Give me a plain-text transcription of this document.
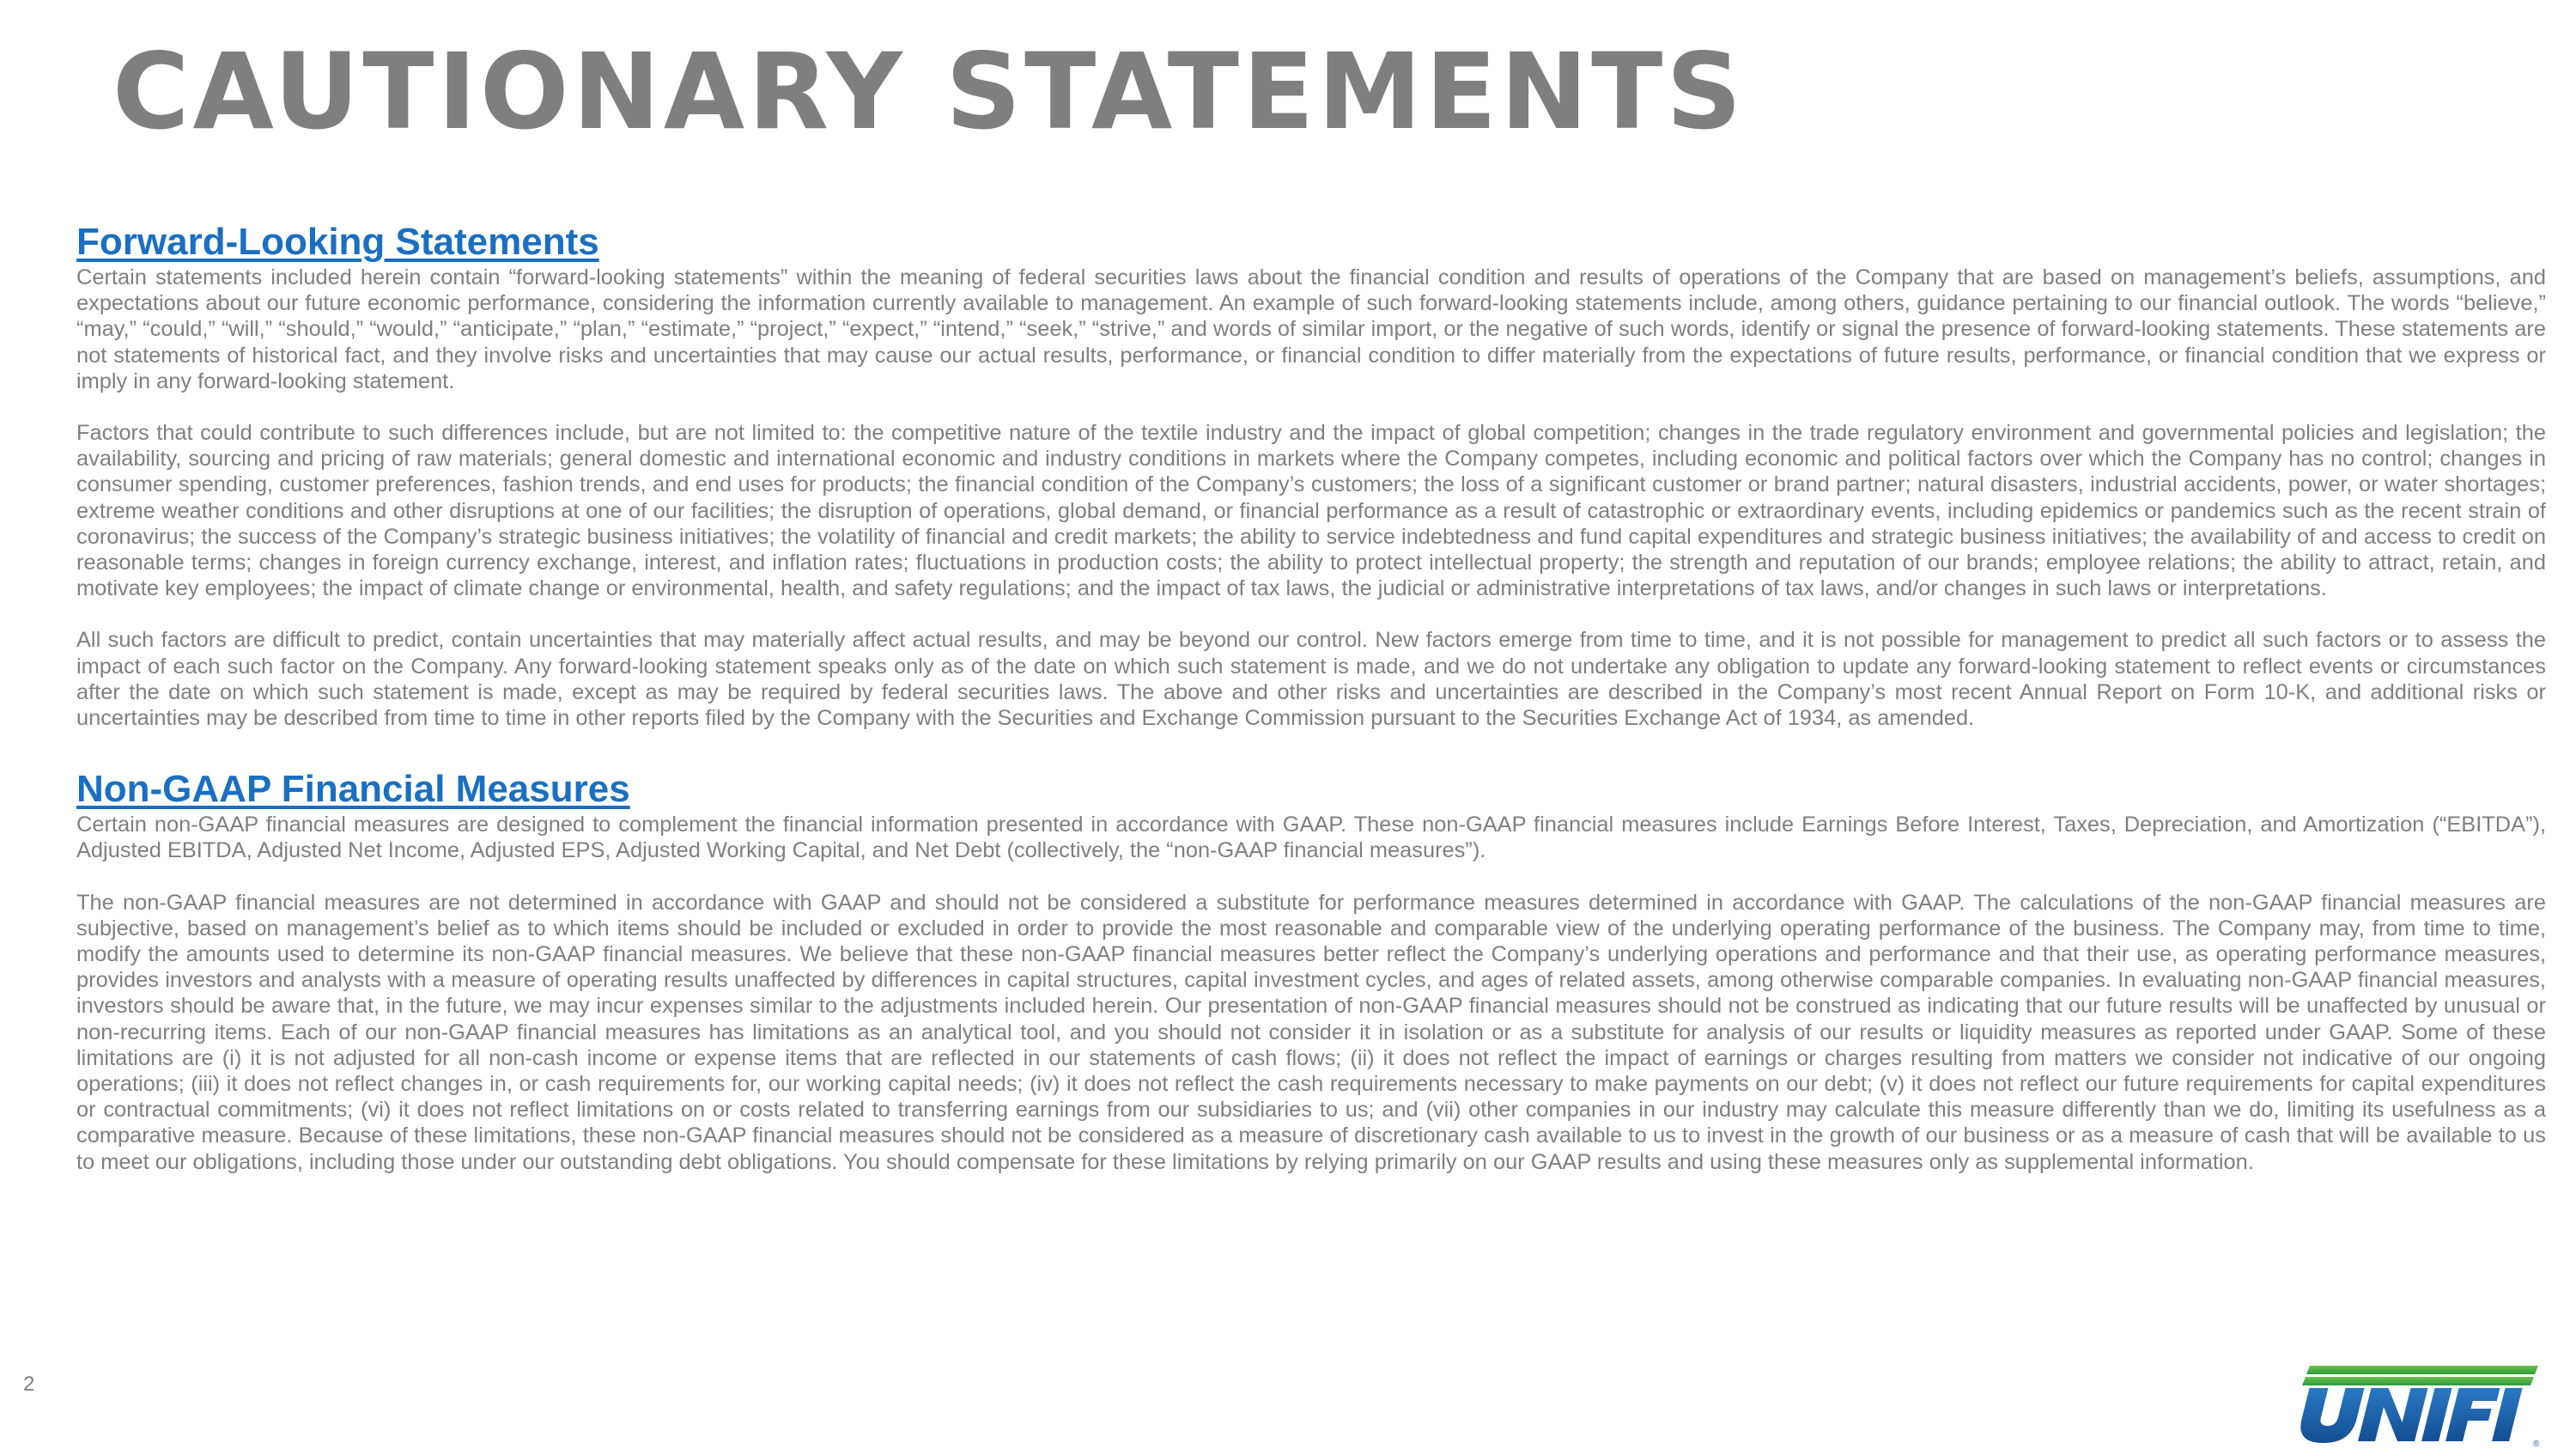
CAUTIONARY STATEMENTS
Forward-Looking Statements

Certain statements included herein contain “forward-looking statements” within the meaning of federal securities laws about the financial condition and results of operations of the Company that are based on management’s beliefs, assumptions, and expectations about our future economic performance, considering the information currently available to management. An example of such forward-looking statements include, among others, guidance pertaining to our financial outlook. The words “believe,” “may,” “could,” “will,” “should,” “would,” “anticipate,” “plan,” “estimate,” “project,” “expect,” “intend,” “seek,” “strive,” and words of similar import, or the negative of such words, identify or signal the presence of forward-looking statements. These statements are not statements of historical fact, and they involve risks and uncertainties that may cause our actual results, performance, or financial condition to differ materially from the expectations of future results, performance, or financial condition that we express or imply in any forward-looking statement.

Factors that could contribute to such differences include, but are not limited to: the competitive nature of the textile industry and the impact of global competition; changes in the trade regulatory environment and governmental policies and legislation; the availability, sourcing and pricing of raw materials; general domestic and international economic and industry conditions in markets where the Company competes, including economic and political factors over which the Company has no control; changes in consumer spending, customer preferences, fashion trends, and end uses for products; the financial condition of the Company’s customers; the loss of a significant customer or brand partner; natural disasters, industrial accidents, power, or water shortages; extreme weather conditions and other disruptions at one of our facilities; the disruption of operations, global demand, or financial performance as a result of catastrophic or extraordinary events, including epidemics or pandemics such as the recent strain of coronavirus; the success of the Company’s strategic business initiatives; the volatility of financial and credit markets; the ability to service indebtedness and fund capital expenditures and strategic business initiatives; the availability of and access to credit on reasonable terms; changes in foreign currency exchange, interest, and inflation rates; fluctuations in production costs; the ability to protect intellectual property; the strength and reputation of our brands; employee relations; the ability to attract, retain, and motivate key employees; the impact of climate change or environmental, health, and safety regulations; and the impact of tax laws, the judicial or administrative interpretations of tax laws, and/or changes in such laws or interpretations.

All such factors are difficult to predict, contain uncertainties that may materially affect actual results, and may be beyond our control. New factors emerge from time to time, and it is not possible for management to predict all such factors or to assess the impact of each such factor on the Company. Any forward-looking statement speaks only as of the date on which such statement is made, and we do not undertake any obligation to update any forward-looking statement to reflect events or circumstances after the date on which such statement is made, except as may be required by federal securities laws. The above and other risks and uncertainties are described in the Company’s most recent Annual Report on Form 10-K, and additional risks or uncertainties may be described from time to time in other reports filed by the Company with the Securities and Exchange Commission pursuant to the Securities Exchange Act of 1934, as amended.

Non-GAAP Financial Measures

Certain non-GAAP financial measures are designed to complement the financial information presented in accordance with GAAP. These non-GAAP financial measures include Earnings Before Interest, Taxes, Depreciation, and Amortization (“EBITDA”), Adjusted EBITDA, Adjusted Net Income, Adjusted EPS, Adjusted Working Capital, and Net Debt (collectively, the “non-GAAP financial measures”).

The non-GAAP financial measures are not determined in accordance with GAAP and should not be considered a substitute for performance measures determined in accordance with GAAP. The calculations of the non-GAAP financial measures are subjective, based on management’s belief as to which items should be included or excluded in order to provide the most reasonable and comparable view of the underlying operating performance of the business. The Company may, from time to time, modify the amounts used to determine its non-GAAP financial measures. We believe that these non-GAAP financial measures better reflect the Company’s underlying operations and performance and that their use, as operating performance measures, provides investors and analysts with a measure of operating results unaffected by differences in capital structures, capital investment cycles, and ages of related assets, among otherwise comparable companies. In evaluating non-GAAP financial measures, investors should be aware that, in the future, we may incur expenses similar to the adjustments included herein. Our presentation of non-GAAP financial measures should not be construed as indicating that our future results will be unaffected by unusual or non-recurring items. Each of our non-GAAP financial measures has limitations as an analytical tool, and you should not consider it in isolation or as a substitute for analysis of our results or liquidity measures as reported under GAAP. Some of these limitations are (i) it is not adjusted for all non-cash income or expense items that are reflected in our statements of cash flows; (ii) it does not reflect the impact of earnings or charges resulting from matters we consider not indicative of our ongoing operations; (iii) it does not reflect changes in, or cash requirements for, our working capital needs; (iv) it does not reflect the cash requirements necessary to make payments on our debt; (v) it does not reflect our future requirements for capital expenditures or contractual commitments; (vi) it does not reflect limitations on or costs related to transferring earnings from our subsidiaries to us; and (vii) other companies in our industry may calculate this measure differently than we do, limiting its usefulness as a comparative measure. Because of these limitations, these non-GAAP financial measures should not be considered as a measure of discretionary cash available to us to invest in the growth of our business or as a measure of cash that will be available to us to meet our obligations, including those under our outstanding debt obligations. You should compensate for these limitations by relying primarily on our GAAP results and using these measures only as supplemental information.

2
®
